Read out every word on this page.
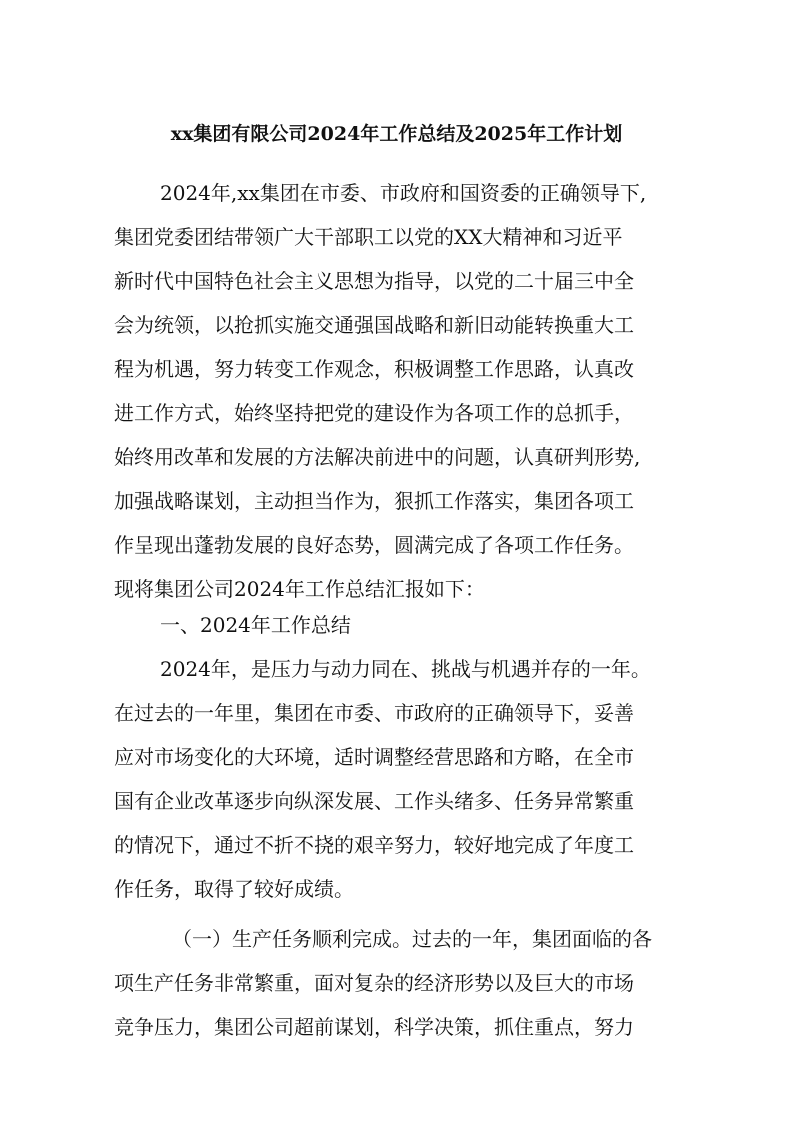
xx集团有限公司2024年工作总结及2025年工作计划
2024年,xx集团在市委、市政府和国资委的正确领导下,
集团党委团结带领广大干部职工以党的XX大精神和习近平
新时代中国特色社会主义思想为指导，以党的二十届三中全
会为统领，以抢抓实施交通强国战略和新旧动能转换重大工
程为机遇，努力转变工作观念，积极调整工作思路，认真改
进工作方式，始终坚持把党的建设作为各项工作的总抓手，
始终用改革和发展的方法解决前进中的问题，认真研判形势,
加强战略谋划，主动担当作为，狠抓工作落实，集团各项工
作呈现出蓬勃发展的良好态势，圆满完成了各项工作任务。
现将集团公司2024年工作总结汇报如下：
一、2024年工作总结
2024年，是压力与动力同在、挑战与机遇并存的一年。
在过去的一年里，集团在市委、市政府的正确领导下，妥善
应对市场变化的大环境，适时调整经营思路和方略，在全市
国有企业改革逐步向纵深发展、工作头绪多、任务异常繁重
的情况下，通过不折不挠的艰辛努力，较好地完成了年度工
作任务，取得了较好成绩。
（一）生产任务顺利完成。过去的一年，集团面临的各
项生产任务非常繁重，面对复杂的经济形势以及巨大的市场
竞争压力，集团公司超前谋划，科学决策，抓住重点，努力
